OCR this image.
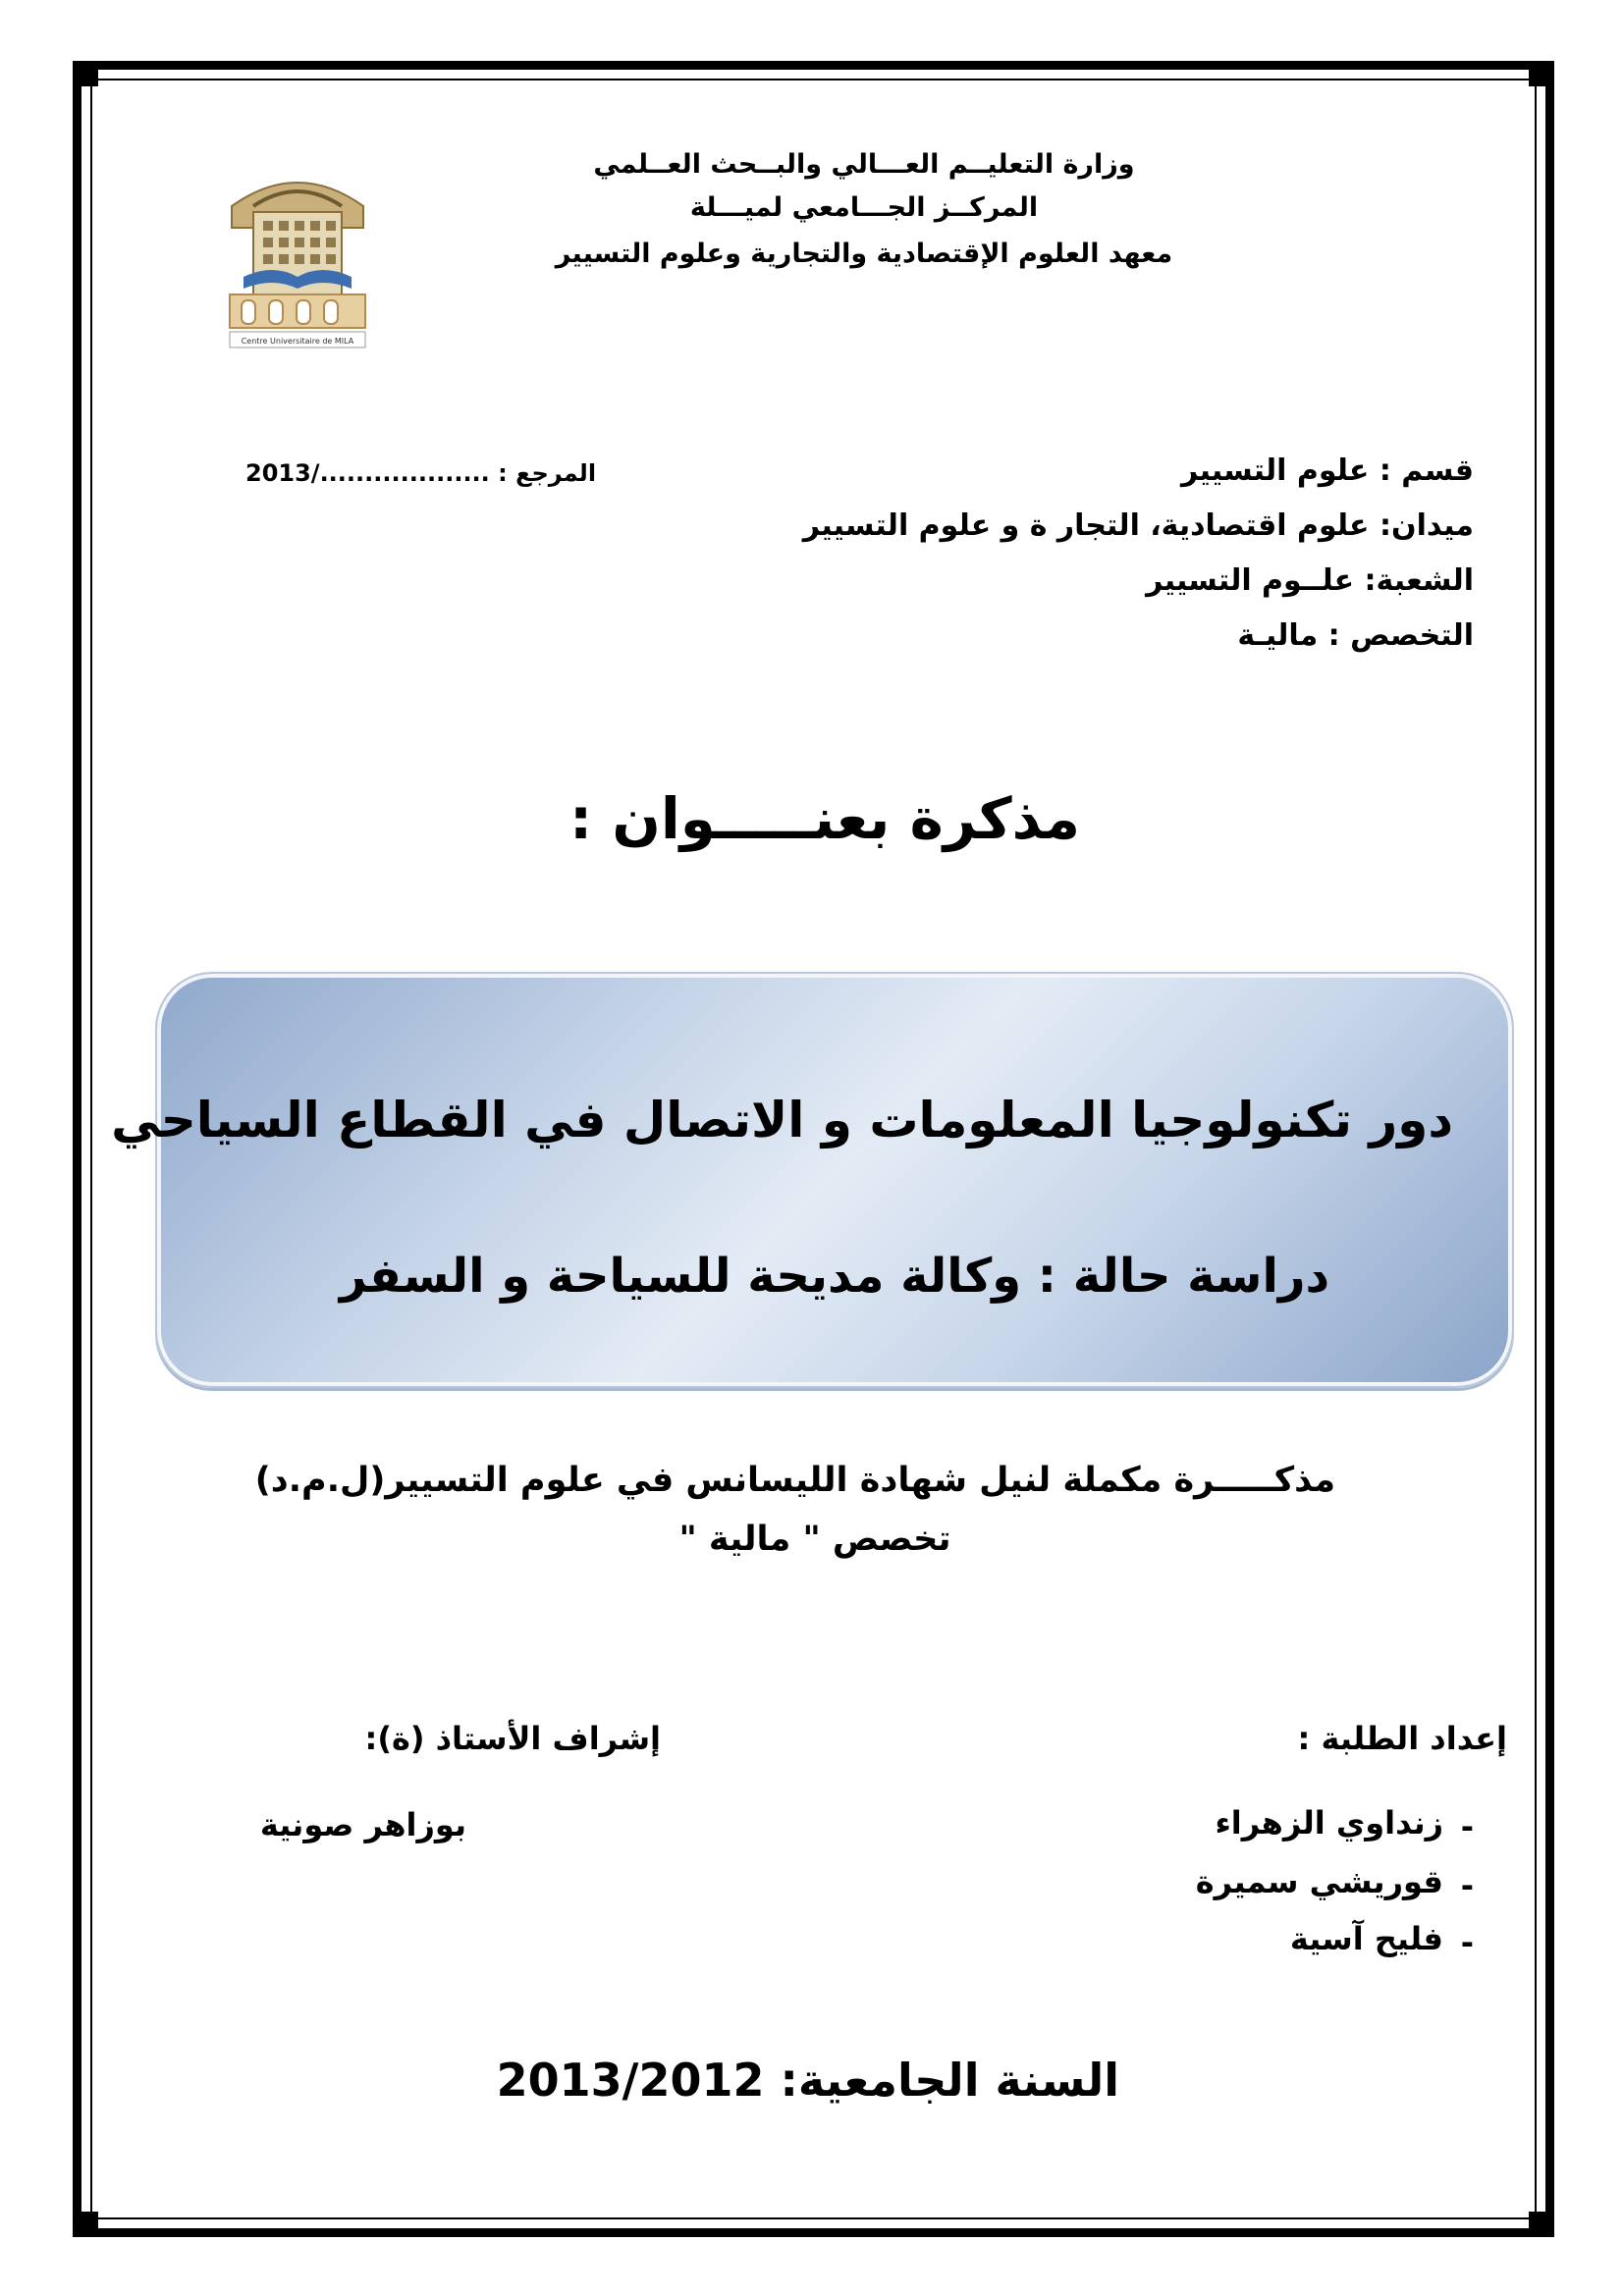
وزارة التعليــم العـــالي والبــحث العــلمي
المركــز الجـــامعي لميـــلة
معهد العلوم الإقتصادية والتجارية وعلوم التسيير
Centre Universitaire de MILA
المرجع : .................../2013	قسم : علوم التسيير
ميدان: علوم اقتصادية، التجار ة و علوم التسيير
الشعبة: علــوم التسيير
التخصص : ماليـة
مذكرة بعنـــــوان :
دور تكنولوجيا المعلومات و الاتصال في القطاع السياحي
دراسة حالة : وكالة مديحة للسياحة و السفر
مذكـــــرة مكملة لنيل شهادة الليسانس في علوم التسيير(ل.م.د)
تخصص " مالية "
إعداد الطلبة :
إشراف الأستاذ (ة):
-
زنداوي الزهراء
-
قوريشي سميرة
-
فليح آسية
بوزاهر صونية
السنة الجامعية: 2013/2012
